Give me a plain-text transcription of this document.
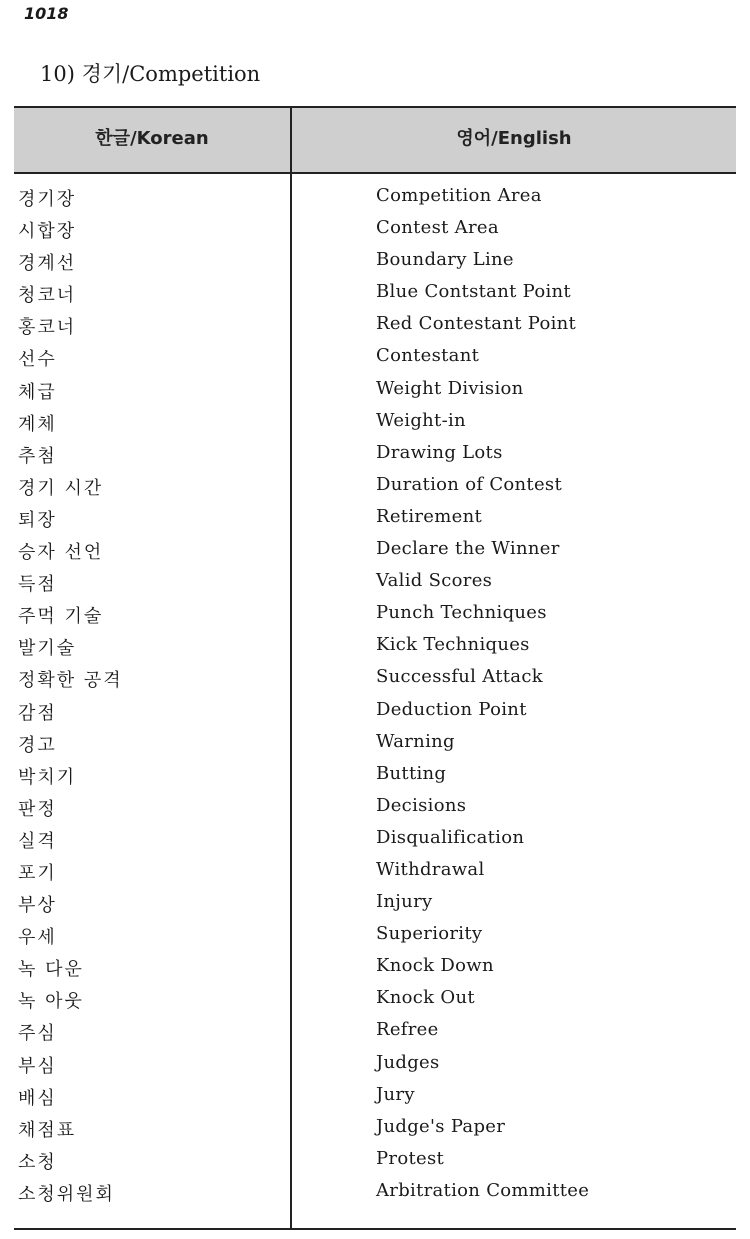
1018
10) 경기/Competition
한글/Korean	영어/English
경기장	Competition Area
시합장	Contest Area
경계선	Boundary Line
청코너	Blue Contstant Point
홍코너	Red Contestant Point
선수	Contestant
체급	Weight Division
계체	Weight-in
추첨	Drawing Lots
경기 시간	Duration of Contest
퇴장	Retirement
승자 선언	Declare the Winner
득점	Valid Scores
주먹 기술	Punch Techniques
발기술	Kick Techniques
정확한 공격	Successful Attack
감점	Deduction Point
경고	Warning
박치기	Butting
판정	Decisions
실격	Disqualification
포기	Withdrawal
부상	Injury
우세	Superiority
녹 다운	Knock Down
녹 아웃	Knock Out
주심	Refree
부심	Judges
배심	Jury
채점표	Judge's Paper
소청	Protest
소청위원회	Arbitration Committee
